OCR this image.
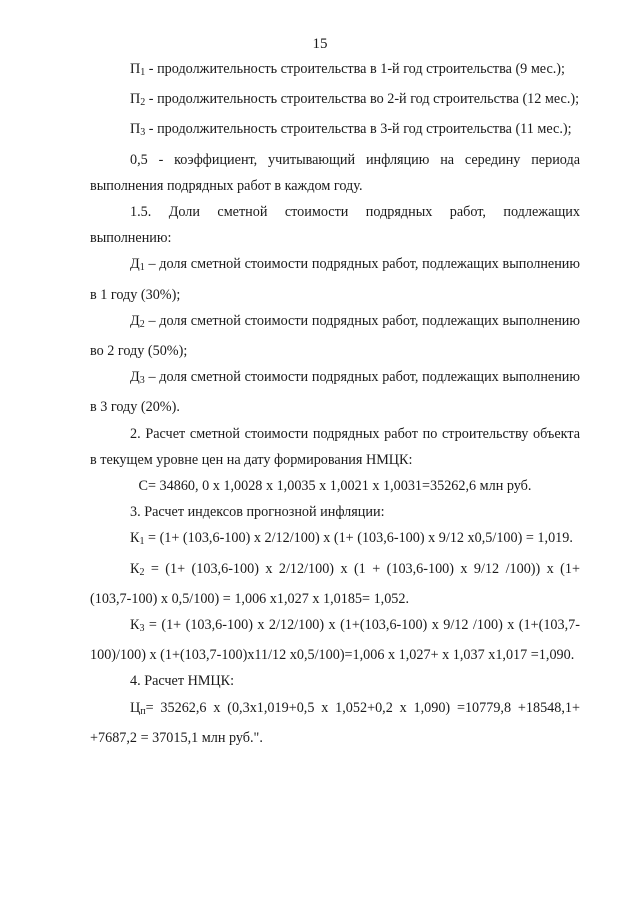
15

$П_1$ - продолжительность строительства в 1-й год строительства (9 мес.);

$П_2$ - продолжительность строительства во 2-й год строительства (12 мес.);

$П_3$ - продолжительность строительства в 3-й год строительства (11 мес.);

0,5 - коэффициент, учитывающий инфляцию на середину периода выполнения подрядных работ в каждом году.

1.5. Доли сметной стоимости подрядных работ, подлежащих выполнению:

$Д_1$ – доля сметной стоимости подрядных работ, подлежащих выполнению в 1 году (30%);

$Д_2$ – доля сметной стоимости подрядных работ, подлежащих выполнению во 2 году (50%);

$Д_3$ – доля сметной стоимости подрядных работ, подлежащих выполнению в 3 году (20%).

2. Расчет сметной стоимости подрядных работ по строительству объекта в текущем уровне цен на дату формирования НМЦК:

С= 34860, 0 х 1,0028 х 1,0035 х 1,0021 х 1,0031=35262,6 млн руб.

3. Расчет индексов прогнозной инфляции:

$К_1 = (1+ (103,6-100)$ х 2/12/100) х (1+ (103,6-100) х 9/12 х0,5/100) = 1,019.

$К_2 = (1+ (103,6-100)$ х 2/12/100) х (1 + (103,6-100) х 9/12 /100)) х (1+ (103,7-100) х 0,5/100) = 1,006 х1,027 х 1,0185= 1,052.

$К_3 = (1+ (103,6-100)$ х 2/12/100) х (1+(103,6-100) х 9/12 /100) х (1+(103,7-100)/100) х (1+(103,7-100)х11/12 х0,5/100)=1,006 х 1,027+ х 1,037 х1,017 =1,090.

4. Расчет НМЦК:

$Ц_п= 35262,6$ х (0,3х1,019+0,5 х 1,052+0,2 х 1,090) =10779,8 +18548,1+ +7687,2 = 37015,1 млн руб.".
